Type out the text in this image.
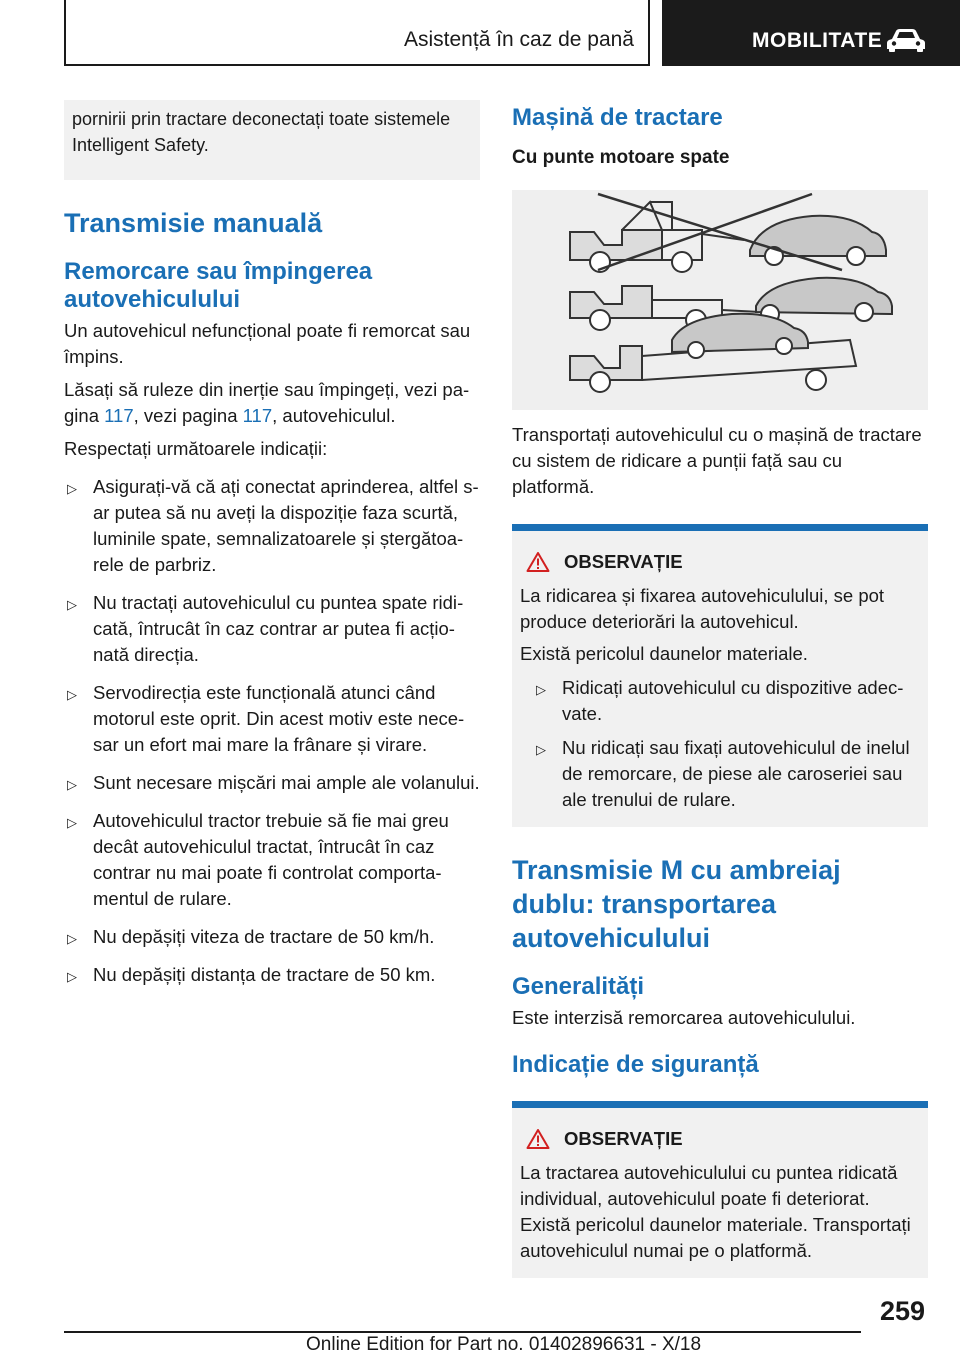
Asistență în caz de pană	MOBILITATE
pornirii prin tractare deconectați toate sistemele Intelligent Safety.
Transmisie manuală
Remorcare sau împingerea autovehiculului

Un autovehicul nefuncțional poate fi remorcat sau împins.

Lăsați să ruleze din inerție sau împingeți, vezi pagina 117, vezi pagina 117, autovehiculul.

Respectați următoarele indicații:

▷ Asigurați-vă că ați conectat aprinderea, altfel s-ar putea să nu aveți la dispoziție faza scurtă, luminile spate, semnalizatoarele și ștergătoarele de parbriz.
▷ Nu tractați autovehiculul cu puntea spate ridicată, întrucât în caz contrar ar putea fi acționată direcția.
▷ Servodirecția este funcțională atunci când motorul este oprit. Din acest motiv este necesar un efort mai mare la frânare și virare.
▷ Sunt necesare mișcări mai ample ale volanului.
▷ Autovehiculul tractor trebuie să fie mai greu decât autovehiculul tractat, întrucât în caz contrar nu mai poate fi controlat comportamentul de rulare.
▷ Nu depășiți viteza de tractare de 50 km/h.
▷ Nu depășiți distanța de tractare de 50 km.
Mașină de tractare
Cu punte motoare spate

Transportați autovehiculul cu o mașină de tractare cu sistem de ridicare a punții față sau cu platformă.

OBSERVAȚIE

La ridicarea și fixarea autovehiculului, se pot produce deteriorări la autovehicul.

Există pericolul daunelor materiale.

▷ Ridicați autovehiculul cu dispozitive adecvate.
▷ Nu ridicați sau fixați autovehiculul de inelul de remorcare, de piese ale caroseriei sau ale trenului de rulare.
Transmisie M cu ambreiaj dublu: transportarea autovehiculului
Generalități

Este interzisă remorcarea autovehiculului.

Indicație de siguranță
OBSERVAȚIE

La tractarea autovehiculului cu puntea ridicată individual, autovehiculul poate fi deteriorat. Există pericolul daunelor materiale. Transportați autovehiculul numai pe o platformă.

259
Online Edition for Part no. 01402896631 - X/18
